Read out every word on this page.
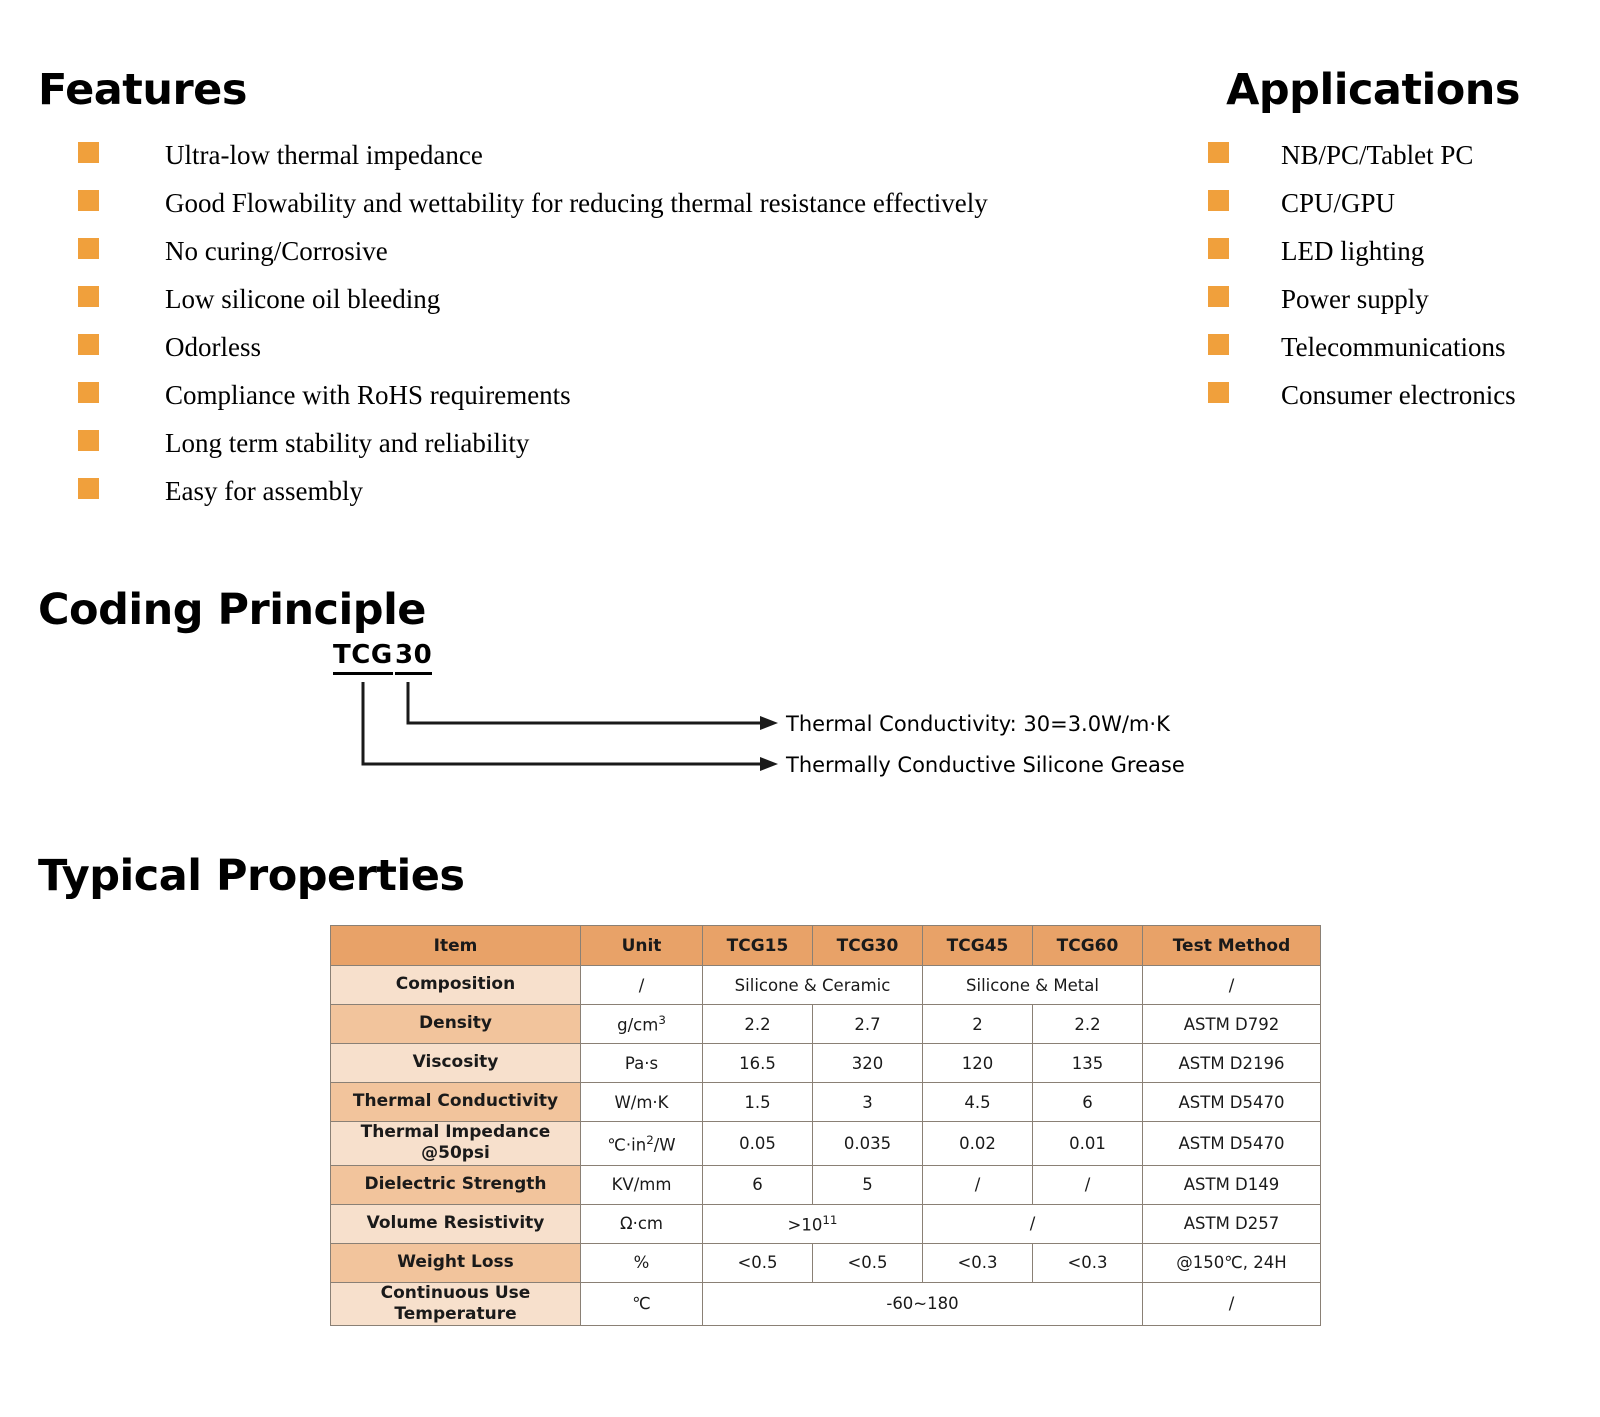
Features
Ultra-low thermal impedance
Good Flowability and wettability for reducing thermal resistance effectively
No curing/Corrosive
Low silicone oil bleeding
Odorless
Compliance with RoHS requirements
Long term stability and reliability
Easy for assembly
Applications
NB/PC/Tablet PC
CPU/GPU
LED lighting
Power supply
Telecommunications
Consumer electronics
Coding Principle
TCG 30
Thermal Conductivity: 30=3.0W/m·K
Thermally Conductive Silicone Grease
Typical Properties
Item	Unit	TCG15	TCG30	TCG45	TCG60	Test Method
Composition	/	Silicone & Ceramic		Silicone & Metal		/
Density	$g/cm^3$	2.2	2.7	2	2.2	ASTM D792
Viscosity	Pa·s	16.5	320	120	135	ASTM D2196
Thermal Conductivity	W/m·K	1.5	3	4.5	6	ASTM D5470
Thermal Impedance @50psi	$℃\cdot in^2/W$	0.05	0.035	0.02	0.01	ASTM D5470
Dielectric Strength	KV/mm	6	5	/	/	ASTM D149
Volume Resistivity	Ω·cm	$>10^{11}$		/		ASTM D257
Weight Loss	%	<0.5	<0.5	<0.3	<0.3	@150℃, 24H
Continuous Use Temperature	℃	-60~180				/
